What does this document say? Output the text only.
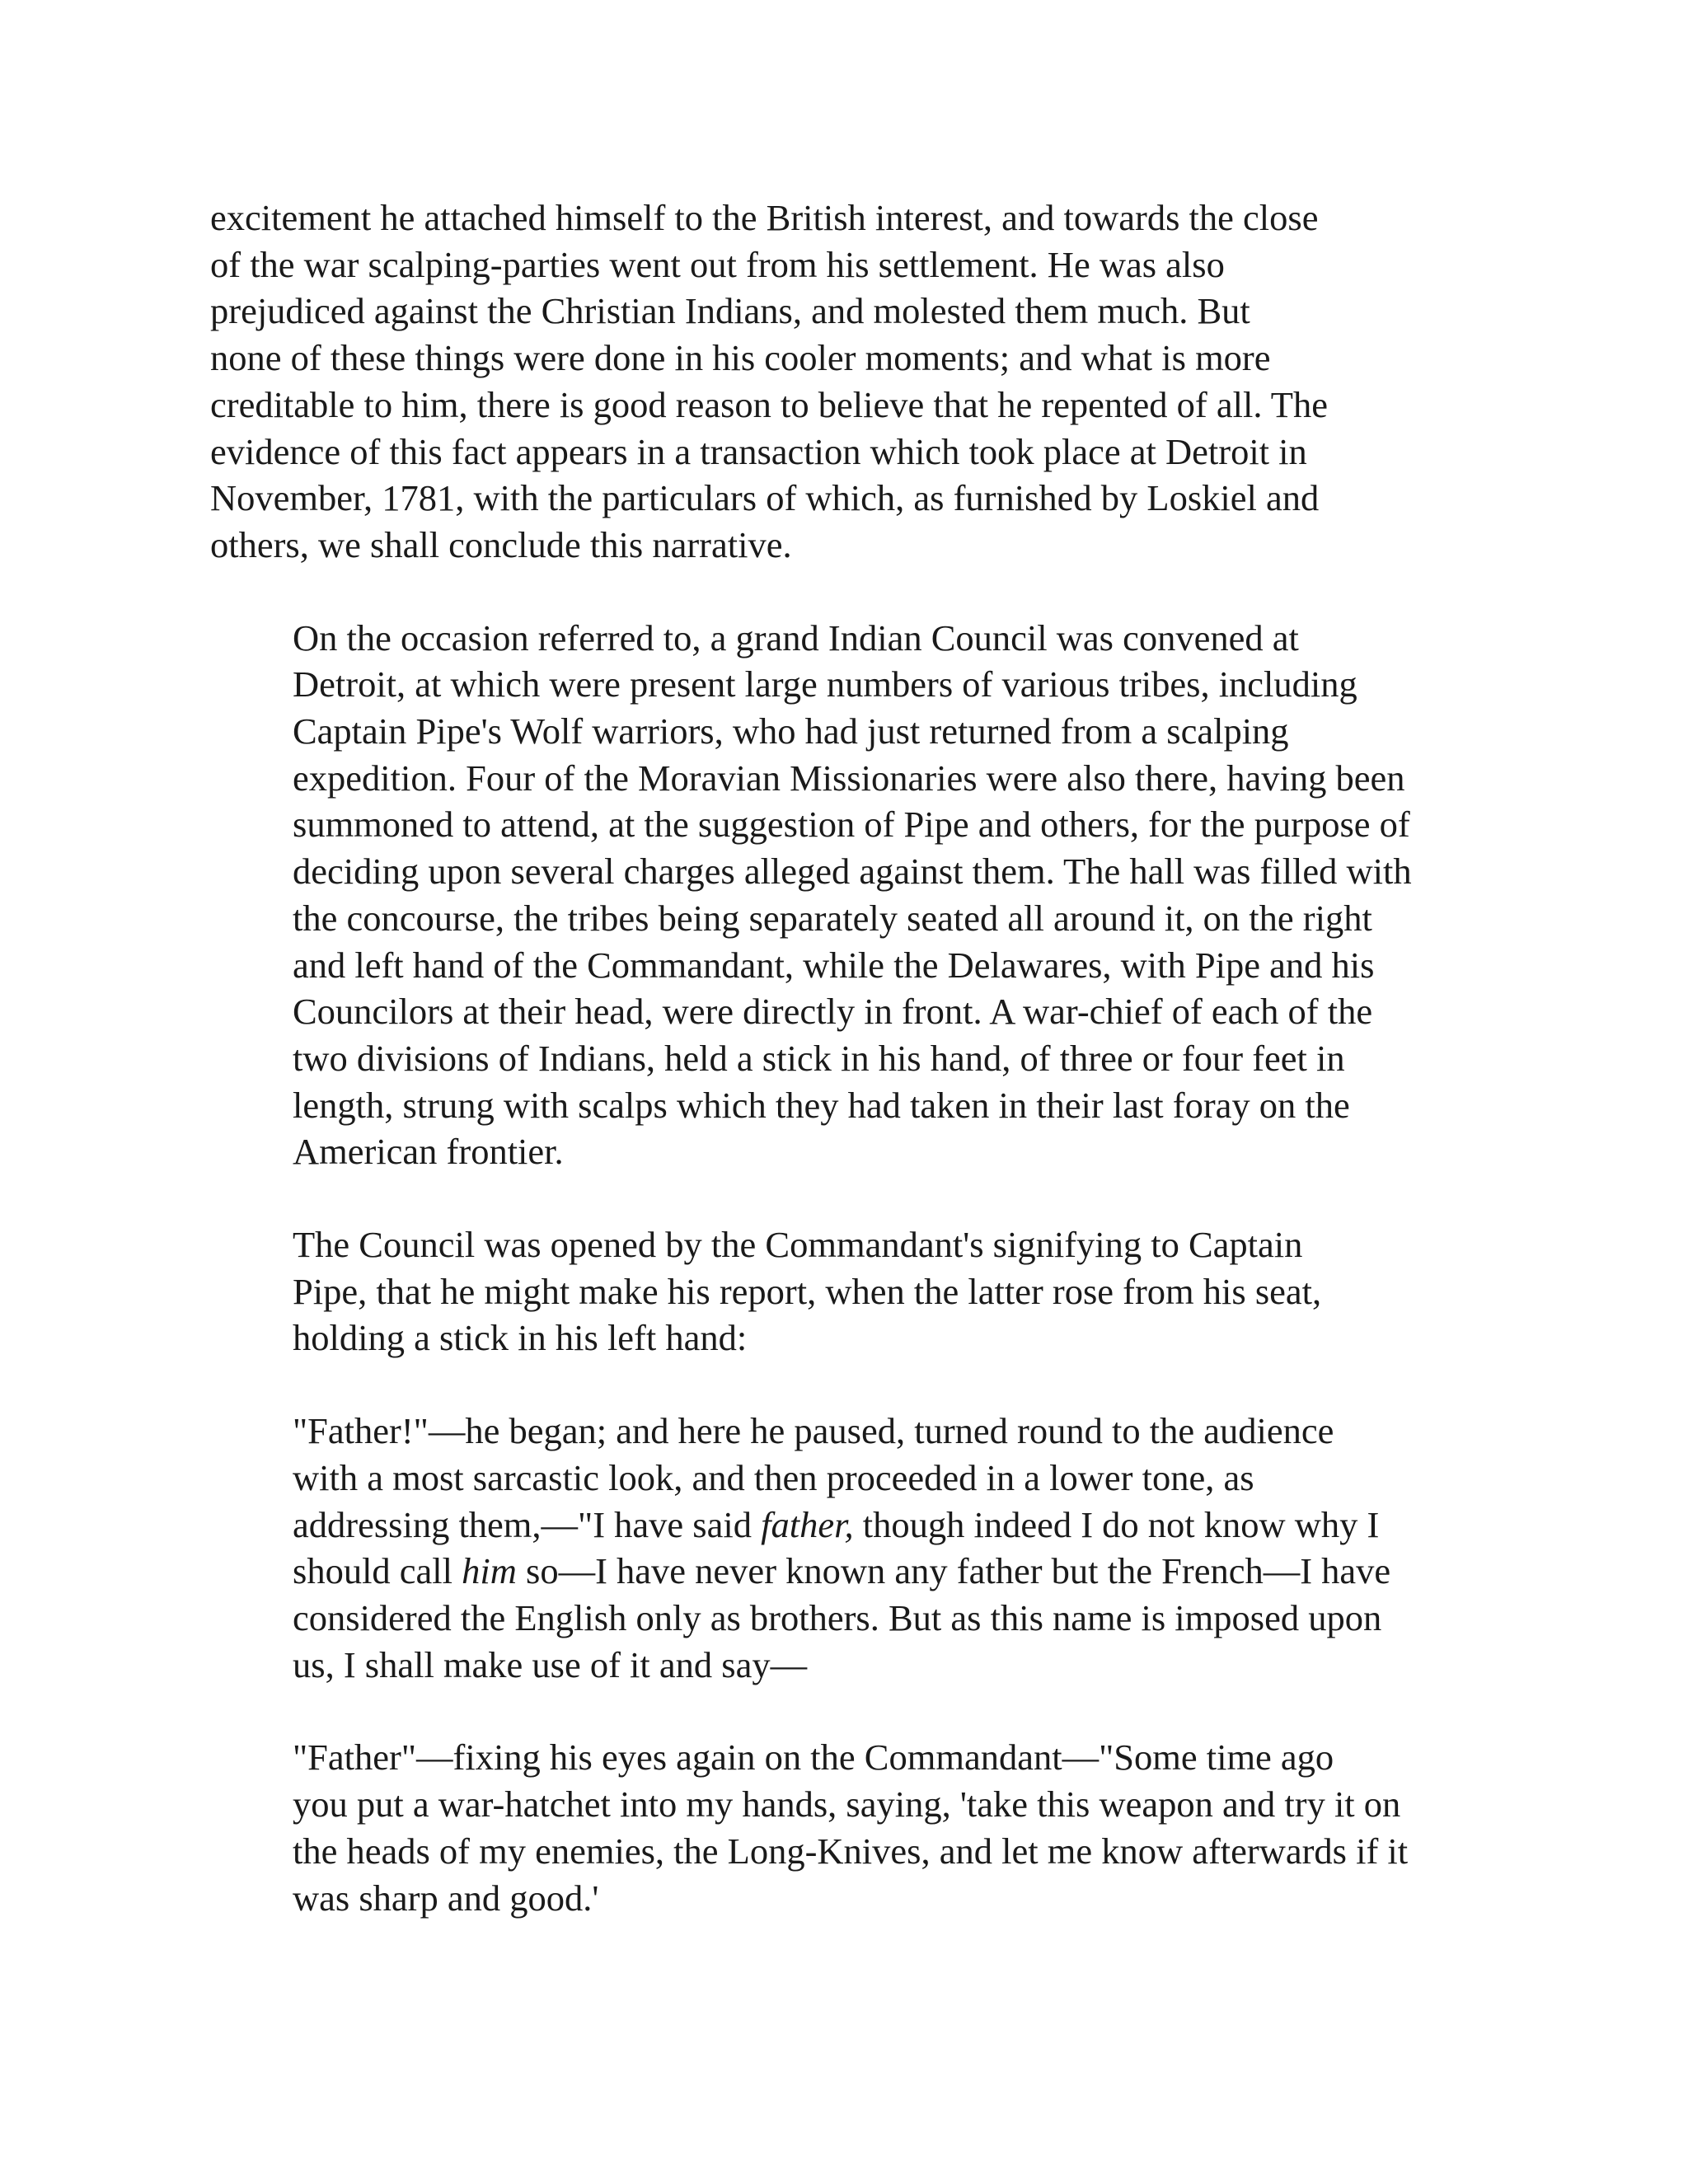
excitement he attached himself to the British interest, and towards the close
of the war scalping-parties went out from his settlement. He was also
prejudiced against the Christian Indians, and molested them much. But
none of these things were done in his cooler moments; and what is more
creditable to him, there is good reason to believe that he repented of all. The
evidence of this fact appears in a transaction which took place at Detroit in
November, 1781, with the particulars of which, as furnished by Loskiel and
others, we shall conclude this narrative.

On the occasion referred to, a grand Indian Council was convened at
Detroit, at which were present large numbers of various tribes, including
Captain Pipe's Wolf warriors, who had just returned from a scalping
expedition. Four of the Moravian Missionaries were also there, having been
summoned to attend, at the suggestion of Pipe and others, for the purpose of
deciding upon several charges alleged against them. The hall was filled with
the concourse, the tribes being separately seated all around it, on the right
and left hand of the Commandant, while the Delawares, with Pipe and his
Councilors at their head, were directly in front. A war-chief of each of the
two divisions of Indians, held a stick in his hand, of three or four feet in
length, strung with scalps which they had taken in their last foray on the
American frontier.

The Council was opened by the Commandant's signifying to Captain
Pipe, that he might make his report, when the latter rose from his seat,
holding a stick in his left hand:

"Father!"—he began; and here he paused, turned round to the audience
with a most sarcastic look, and then proceeded in a lower tone, as
addressing them,—"I have said father, though indeed I do not know why I
should call him so—I have never known any father but the French—I have
considered the English only as brothers. But as this name is imposed upon
us, I shall make use of it and say—

"Father"—fixing his eyes again on the Commandant—"Some time ago
you put a war-hatchet into my hands, saying, 'take this weapon and try it on
the heads of my enemies, the Long-Knives, and let me know afterwards if it
was sharp and good.'
